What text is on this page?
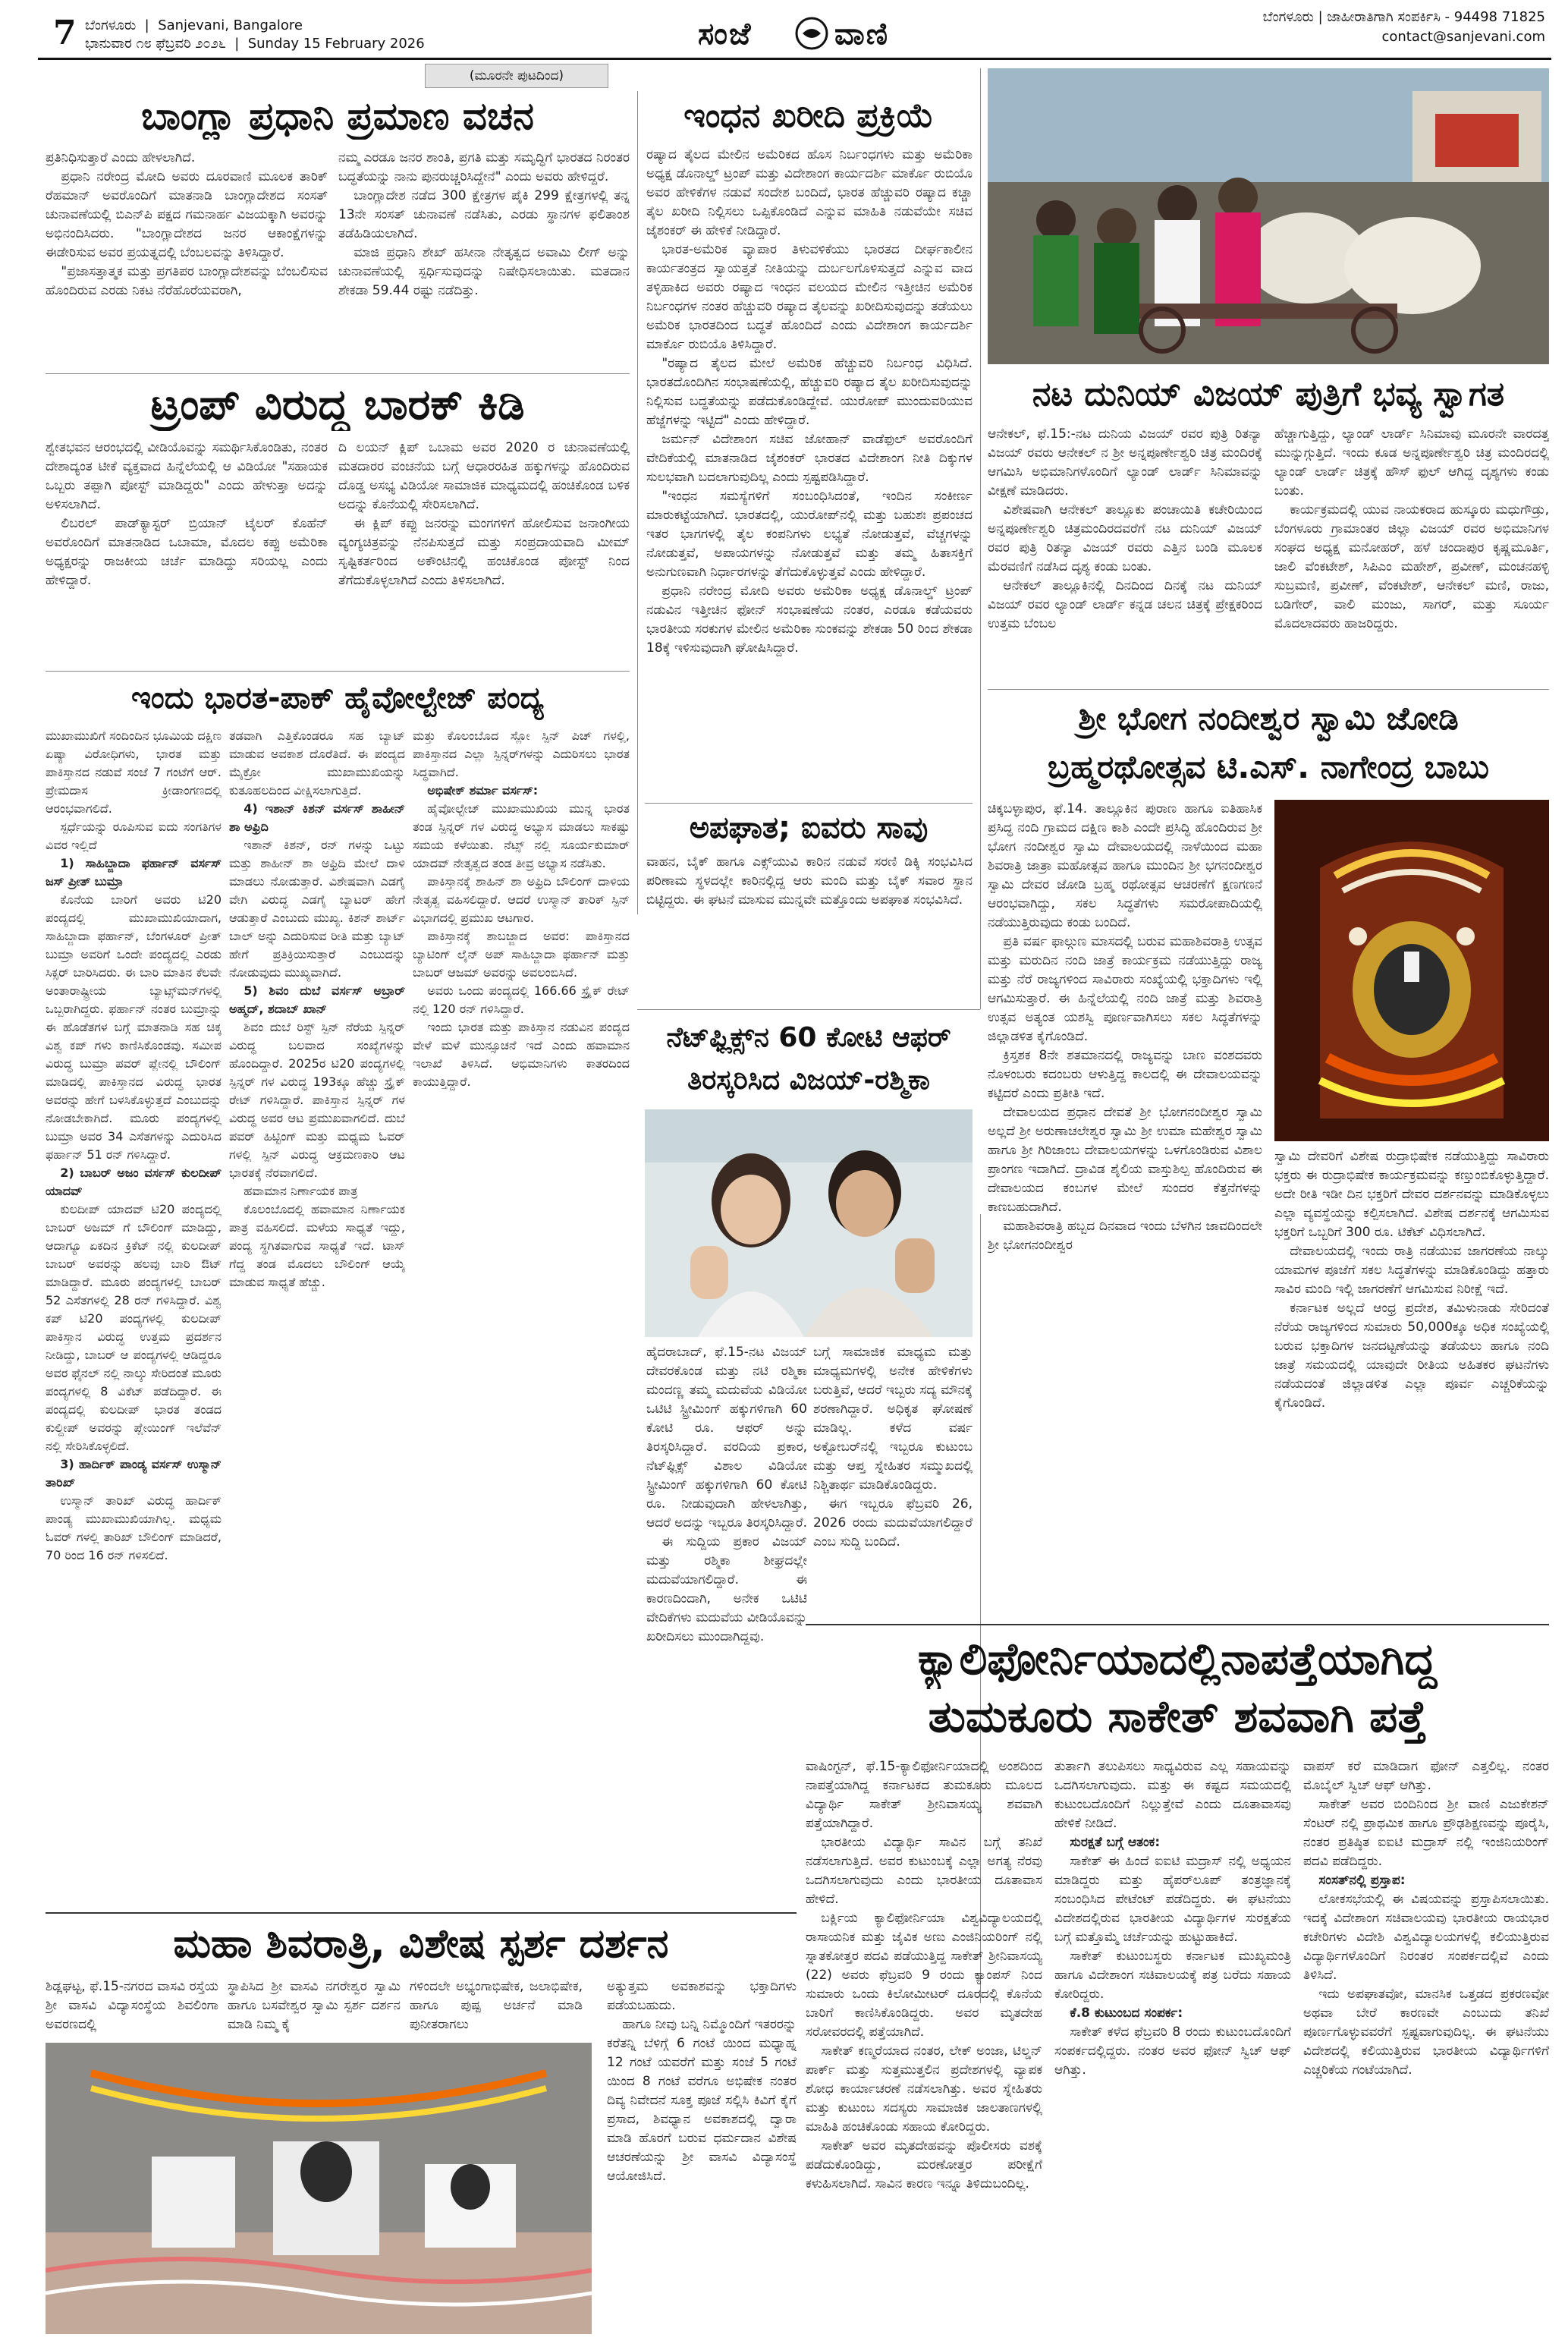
7 ಬೆಂಗಳೂರು  |  Sanjevani, Bangalore
ಭಾನುವಾರ ೧೮ ಫೆಬ್ರವರಿ ೨೦೨೬  |  Sunday 15 February 2026	ಸಂಜೆ	ವಾಣಿ	ಬೆಂಗಳೂರು | ಜಾಹೀರಾತಿಗಾಗಿ ಸಂಪರ್ಕಿಸಿ - 94498 71825
contact@sanjevani.com
(ಮೂರನೇ ಪುಟದಿಂದ)
ಬಾಂಗ್ಲಾ ಪ್ರಧಾನಿ ಪ್ರಮಾಣ ವಚನ
ಪ್ರತಿನಿಧಿಸುತ್ತಾರೆ ಎಂದು ಹೇಳಲಾಗಿದೆ.
ಪ್ರಧಾನಿ ನರೇಂದ್ರ ಮೋದಿ ಅವರು ದೂರವಾಣಿ ಮೂಲಕ ತಾರಿಕ್ ರೆಹಮಾನ್ ಅವರೊಂದಿಗೆ ಮಾತನಾಡಿ ಬಾಂಗ್ಲಾದೇಶದ ಸಂಸತ್ ಚುನಾವಣೆಯಲ್ಲಿ ಬಿಎನ್‌ಪಿ ಪಕ್ಷದ ಗಮನಾರ್ಹ ವಿಜಯಕ್ಕಾಗಿ ಅವರನ್ನು ಅಭಿನಂದಿಸಿದರು. "ಬಾಂಗ್ಲಾದೇಶದ ಜನರ ಆಕಾಂಕ್ಷೆಗಳನ್ನು ಈಡೇರಿಸುವ ಅವರ ಪ್ರಯತ್ನದಲ್ಲಿ ಬೆಂಬಲವನ್ನು ತಿಳಿಸಿದ್ದಾರೆ.
"ಪ್ರಜಾಸತ್ತಾತ್ಮಕ ಮತ್ತು ಪ್ರಗತಿಪರ ಬಾಂಗ್ಲಾದೇಶವನ್ನು ಬೆಂಬಲಿಸುವ ಹೊಂದಿರುವ ಎರಡು ನಿಕಟ ನೆರೆಹೊರೆಯವರಾಗಿ,
ನಮ್ಮ ಎರಡೂ ಜನರ ಶಾಂತಿ, ಪ್ರಗತಿ ಮತ್ತು ಸಮೃದ್ಧಿಗೆ ಭಾರತದ ನಿರಂತರ ಬದ್ಧತೆಯನ್ನು ನಾನು ಪುನರುಚ್ಚರಿಸಿದ್ದೇನೆ" ಎಂದು ಅವರು ಹೇಳಿದ್ದರೆ.
ಬಾಂಗ್ಲಾದೇಶ ನಡೆದ 300 ಕ್ಷೇತ್ರಗಳ ಪೈಕಿ 299 ಕ್ಷೇತ್ರಗಳಲ್ಲಿ ತನ್ನ 13ನೇ ಸಂಸತ್ ಚುನಾವಣೆ ನಡೆಸಿತು, ಎರಡು ಸ್ಥಾನಗಳ ಫಲಿತಾಂಶ ತಡೆಹಿಡಿಯಲಾಗಿದೆ.
ಮಾಜಿ ಪ್ರಧಾನಿ ಶೇಖ್ ಹಸೀನಾ ನೇತೃತ್ವದ ಅವಾಮಿ ಲೀಗ್ ಅನ್ನು ಚುನಾವಣೆಯಲ್ಲಿ ಸ್ಪರ್ಧಿಸುವುದನ್ನು ನಿಷೇಧಿಸಲಾಯಿತು. ಮತದಾನ ಶೇಕಡಾ 59.44 ರಷ್ಟು ನಡೆದಿತ್ತು.
ಟ್ರಂಪ್ ವಿರುದ್ಧ ಬಾರಕ್ ಕಿಡಿ
ಶ್ವೇತಭವನ ಆರಂಭದಲ್ಲಿ ವೀಡಿಯೊವನ್ನು ಸಮರ್ಥಿಸಿಕೊಂಡಿತು, ನಂತರ ದೇಶಾದ್ಯಂತ ಟೀಕೆ ವ್ಯಕ್ತವಾದ ಹಿನ್ನೆಲೆಯಲ್ಲಿ ಆ ವಿಡಿಯೋ "ಸಹಾಯಕ ಒಬ್ಬರು ತಪ್ಪಾಗಿ ಪೋಸ್ಟ್ ಮಾಡಿದ್ದರು" ಎಂದು ಹೇಳುತ್ತಾ ಅದನ್ನು ಅಳಿಸಲಾಗಿದೆ.
ಲಿಬರಲ್ ಪಾಡ್‌ಕ್ಯಾಸ್ಟರ್ ಬ್ರಿಯಾನ್ ಟೈಲರ್ ಕೊಹೆನ್ ಅವರೊಂದಿಗೆ ಮಾತನಾಡಿದ ಒಬಾಮಾ, ಮೊದಲ ಕಪ್ಪು ಅಮೆರಿಕಾ ಅಧ್ಯಕ್ಷರನ್ನು ರಾಜಕೀಯ ಚರ್ಚೆ ಮಾಡಿದ್ದು ಸರಿಯಲ್ಲ ಎಂದು ಹೇಳಿದ್ದಾರೆ.
ದಿ ಲಯನ್ ಕ್ಲಿಪ್ ಒಬಾಮ ಅವರ 2020 ರ ಚುನಾವಣೆಯಲ್ಲಿ ಮತದಾರರ ವಂಚನೆಯ ಬಗ್ಗೆ ಆಧಾರರಹಿತ ಹಕ್ಕುಗಳನ್ನು ಹೊಂದಿರುವ ದೊಡ್ಡ ಅಸಭ್ಯ ವಿಡಿಯೋ ಸಾಮಾಜಿಕ ಮಾಧ್ಯಮದಲ್ಲಿ ಹಂಚಿಕೊಂಡ ಬಳಿಕ ಅದನ್ನು ಕೊನೆಯಲ್ಲಿ ಸೇರಿಸಲಾಗಿದೆ.
ಈ ಕ್ಲಿಪ್ ಕಪ್ಪು ಜನರನ್ನು ಮಂಗಗಳಿಗೆ ಹೋಲಿಸುವ ಜನಾಂಗೀಯ ವ್ಯಂಗ್ಯಚಿತ್ರವನ್ನು ನೆನಪಿಸುತ್ತದೆ ಮತ್ತು ಸಂಪ್ರದಾಯವಾದಿ ಮೀಮ್ ಸೃಷ್ಟಿಕರ್ತರಿಂದ ಅಕೌಂಟಿನಲ್ಲಿ ಹಂಚಿಕೊಂಡ ಪೋಸ್ಟ್ ನಿಂದ ತೆಗೆದುಕೊಳ್ಳಲಾಗಿದೆ ಎಂದು ತಿಳಿಸಲಾಗಿದೆ.
ಇಂಧನ ಖರೀದಿ ಪ್ರಕ್ರಿಯೆ
ರಷ್ಯಾದ ತೈಲದ ಮೇಲಿನ ಅಮೆರಿಕದ ಹೊಸ ನಿರ್ಬಂಧಗಳು ಮತ್ತು ಅಮೆರಿಕಾ ಅಧ್ಯಕ್ಷ ಡೊನಾಲ್ಡ್ ಟ್ರಂಪ್ ಮತ್ತು ವಿದೇಶಾಂಗ ಕಾರ್ಯದರ್ಶಿ ಮಾರ್ಕೊ ರುಬಿಯೊ ಅವರ ಹೇಳಿಕೆಗಳ ನಡುವೆ ಸಂದೇಶ ಬಂದಿದೆ, ಭಾರತ ಹೆಚ್ಚುವರಿ ರಷ್ಯಾದ ಕಚ್ಚಾ ತೈಲ ಖರೀದಿ ನಿಲ್ಲಿಸಲು ಒಪ್ಪಿಕೊಂಡಿದೆ ಎನ್ನುವ ಮಾಹಿತಿ ನಡುವೆಯೇ ಸಚಿವ ಜೈಶಂಕರ್ ಈ ಹೇಳಿಕೆ ನೀಡಿದ್ದಾರೆ.
ಭಾರತ-ಅಮೆರಿಕ ವ್ಯಾಪಾರ ತಿಳುವಳಿಕೆಯು ಭಾರತದ ದೀರ್ಘಕಾಲೀನ ಕಾರ್ಯತಂತ್ರದ ಸ್ವಾಯತ್ತತೆ ನೀತಿಯನ್ನು ದುರ್ಬಲಗೊಳಿಸುತ್ತದೆ ಎನ್ನುವ ವಾದ ತಳ್ಳಿಹಾಕಿದ ಅವರು ರಷ್ಯಾದ ಇಂಧನ ವಲಯದ ಮೇಲಿನ ಇತ್ತೀಚಿನ ಅಮೆರಿಕ ನಿರ್ಬಂಧಗಳ ನಂತರ ಹೆಚ್ಚುವರಿ ರಷ್ಯಾದ ತೈಲವನ್ನು ಖರೀದಿಸುವುದನ್ನು ತಡೆಯಲು ಅಮೆರಿಕ ಭಾರತದಿಂದ ಬದ್ಧತೆ ಹೊಂದಿದೆ ಎಂದು ವಿದೇಶಾಂಗ ಕಾರ್ಯದರ್ಶಿ ಮಾರ್ಕೊ ರುಬಿಯೊ ತಿಳಿಸಿದ್ದಾರೆ.
"ರಷ್ಯಾದ ತೈಲದ ಮೇಲೆ ಅಮೆರಿಕ ಹೆಚ್ಚುವರಿ ನಿರ್ಬಂಧ ವಿಧಿಸಿದೆ. ಭಾರತದೊಂದಿಗಿನ ಸಂಭಾಷಣೆಯಲ್ಲಿ, ಹೆಚ್ಚುವರಿ ರಷ್ಯಾದ ತೈಲ ಖರೀದಿಸುವುದನ್ನು ನಿಲ್ಲಿಸುವ ಬದ್ಧತೆಯನ್ನು ಪಡೆದುಕೊಂಡಿದ್ದೇವೆ. ಯುರೋಪ್ ಮುಂದುವರಿಯುವ ಹೆಜ್ಜೆಗಳನ್ನು ಇಟ್ಟಿದೆ" ಎಂದು ಹೇಳಿದ್ದಾರೆ.
ಜರ್ಮನ್ ವಿದೇಶಾಂಗ ಸಚಿವ ಜೋಹಾನ್ ವಾಡೆಫುಲ್ ಅವರೊಂದಿಗೆ ವೇದಿಕೆಯಲ್ಲಿ ಮಾತನಾಡಿದ ಜೈಶಂಕರ್ ಭಾರತದ ವಿದೇಶಾಂಗ ನೀತಿ ದಿಕ್ಕುಗಳ ಸುಲಭವಾಗಿ ಬದಲಾಗುವುದಿಲ್ಲ ಎಂದು ಸ್ಪಷ್ಟಪಡಿಸಿದ್ದಾರೆ.
"ಇಂಧನ ಸಮಸ್ಯೆಗಳಿಗೆ ಸಂಬಂಧಿಸಿದಂತೆ, ಇಂದಿನ ಸಂಕೀರ್ಣ ಮಾರುಕಟ್ಟೆಯಾಗಿದೆ. ಭಾರತದಲ್ಲಿ, ಯುರೋಪ್‌ನಲ್ಲಿ ಮತ್ತು ಬಹುಶಃ ಪ್ರಪಂಚದ ಇತರ ಭಾಗಗಳಲ್ಲಿ ತೈಲ ಕಂಪನಿಗಳು ಲಭ್ಯತೆ ನೋಡುತ್ತವೆ, ವೆಚ್ಚಗಳನ್ನು ನೋಡುತ್ತವೆ, ಅಪಾಯಗಳನ್ನು ನೋಡುತ್ತವೆ ಮತ್ತು ತಮ್ಮ ಹಿತಾಸಕ್ತಿಗೆ ಅನುಗುಣವಾಗಿ ನಿರ್ಧಾರಗಳನ್ನು ತೆಗೆದುಕೊಳ್ಳುತ್ತವೆ ಎಂದು ಹೇಳಿದ್ದಾರೆ.
ಪ್ರಧಾನಿ ನರೇಂದ್ರ ಮೋದಿ ಅವರು ಅಮೆರಿಕಾ ಅಧ್ಯಕ್ಷ ಡೊನಾಲ್ಡ್ ಟ್ರಂಪ್ ನಡುವಿನ ಇತ್ತೀಚಿನ ಫೋನ್ ಸಂಭಾಷಣೆಯ ನಂತರ, ಎರಡೂ ಕಡೆಯವರು ಭಾರತೀಯ ಸರಕುಗಳ ಮೇಲಿನ ಅಮೆರಿಕಾ ಸುಂಕವನ್ನು ಶೇಕಡಾ 50 ರಿಂದ ಶೇಕಡಾ 18ಕ್ಕೆ ಇಳಿಸುವುದಾಗಿ ಘೋಷಿಸಿದ್ದಾರೆ.
ಅಪಘಾತ; ಐವರು ಸಾವು
ವಾಹನ, ಬೈಕ್ ಹಾಗೂ ಎಕ್ಸ್‌ಯುವಿ ಕಾರಿನ ನಡುವೆ ಸರಣಿ ಡಿಕ್ಕಿ ಸಂಭವಿಸಿದ ಪರಿಣಾಮ ಸ್ಥಳದಲ್ಲೇ ಕಾರಿನಲ್ಲಿದ್ದ ಆರು ಮಂದಿ ಮತ್ತು ಬೈಕ್ ಸವಾರ ಸ್ಥಾನ ಬಿಟ್ಟಿದ್ದರು. ಈ ಘಟನೆ ಮಾಸುವ ಮುನ್ನವೇ ಮತ್ತೊಂದು ಅಪಘಾತ ಸಂಭವಿಸಿದೆ.
ಇಂದು ಭಾರತ-ಪಾಕ್ ಹೈವೋಲ್ಟೇಜ್ ಪಂದ್ಯ
ಮುಖಾಮುಖಿಗೆ ಸಂದಿಂದಿನ ಭೂಮಿಯ ದಕ್ಷಿಣ ಏಷ್ಯಾ ವಿರೋಧಿಗಳು, ಭಾರತ ಮತ್ತು ಪಾಕಿಸ್ತಾನದ ನಡುವೆ ಸಂಜೆ 7 ಗಂಟೆಗೆ ಆರ್. ಪ್ರೇಮದಾಸ ಕ್ರೀಡಾಂಗಣದಲ್ಲಿ ಆರಂಭವಾಗಲಿದೆ.
ಸ್ಪರ್ಧೆಯನ್ನು ರೂಪಿಸುವ ಐದು ಸಂಗತಿಗಳ ವಿವರ ಇಲ್ಲಿದೆ
1) ಸಾಹಿಬ್ಜಾದಾ ಫರ್ಹಾನ್ ವರ್ಸಸ್ ಜಸ್ ಪ್ರೀತ್ ಬುಮ್ರಾ
ಕೊನೆಯ ಬಾರಿಗೆ ಅವರು ಟಿ20 ಪಂದ್ಯದಲ್ಲಿ ಮುಖಾಮುಖಿಯಾದಾಗ, ಸಾಹಿಬ್ಜಾದಾ ಫರ್ಹಾನ್, ಬೆಂಗಳೂರ್ ಪ್ರೀತ್ ಬುಮ್ರಾ ಅವರಿಗೆ ಒಂದೇ ಪಂದ್ಯದಲ್ಲಿ ಎರಡು ಸಿಕ್ಸರ್ ಬಾರಿಸಿದರು. ಈ ಬಾರಿ ಮಾತಿನ ಕೆಲವೇ ಅಂತಾರಾಷ್ಟ್ರೀಯ ಬ್ಯಾಟ್ಸ್‌ಮನ್‌ಗಳಲ್ಲಿ ಒಬ್ಬರಾಗಿದ್ದರು. ಫರ್ಹಾನ್ ನಂತರ ಬುಮ್ರಾನ್ನು ಈ ಹೊಡೆತಗಳ ಬಗ್ಗೆ ಮಾತನಾಡಿ ಸಹ ಚಿಕ್ಕ ವಿಶ್ವ ಕಪ್ ಗಳು ಕಾಣಿಸಿಕೊಂಡವು. ಸಮೀಪ ವಿರುದ್ಧ ಬುಮ್ರಾ ಪವರ್ ಪ್ಲೇನಲ್ಲಿ ಬೌಲಿಂಗ್ ಮಾಡಿದಲ್ಲಿ ಪಾಕಿಸ್ತಾನದ ವಿರುದ್ಧ ಭಾರತ ಅವರನ್ನು ಹೇಗೆ ಬಳಸಿಕೊಳ್ಳುತ್ತದೆ ಎಂಬುದನ್ನು ನೋಡಬೇಕಾಗಿದೆ. ಮೂರು ಪಂದ್ಯಗಳಲ್ಲಿ ಬುಮ್ರಾ ಅವರ 34 ಎಸೆತಗಳನ್ನು ಎದುರಿಸಿದ ಫರ್ಹಾನ್ 51 ರನ್ ಗಳಿಸಿದ್ದಾರೆ.
2) ಬಾಬರ್ ಅಜಂ ವರ್ಸಸ್ ಕುಲದೀಪ್ ಯಾದವ್
ಕುಲದೀಪ್ ಯಾದವ್ ಟಿ20 ಪಂದ್ಯದಲ್ಲಿ ಬಾಬರ್ ಅಜಮ್ ಗೆ ಬೌಲಿಂಗ್ ಮಾಡಿದ್ದು, ಆದಾಗ್ಯೂ ಏಕದಿನ ಕ್ರಿಕೆಟ್ ನಲ್ಲಿ ಕುಲದೀಪ್ ಬಾಬರ್ ಅವರನ್ನು ಹಲವು ಬಾರಿ ಔಟ್ ಮಾಡಿದ್ದಾರೆ. ಮೂರು ಪಂದ್ಯಗಳಲ್ಲಿ ಬಾಬರ್ 52 ಎಸೆತಗಳಲ್ಲಿ 28 ರನ್ ಗಳಿಸಿದ್ದಾರೆ. ವಿಶ್ವ ಕಪ್ ಟಿ20 ಪಂದ್ಯಗಳಲ್ಲಿ ಕುಲದೀಪ್ ಪಾಕಿಸ್ತಾನ ವಿರುದ್ಧ ಉತ್ತಮ ಪ್ರದರ್ಶನ ನೀಡಿದ್ದು, ಬಾಬರ್ ಆ ಪಂದ್ಯಗಳಲ್ಲಿ ಆಡಿದ್ದರೂ ಅವರ ಫೈನಲ್ ನಲ್ಲಿ ನಾಲ್ಕು ಸೇರಿದಂತೆ ಮೂರು ಪಂದ್ಯಗಳಲ್ಲಿ 8 ವಿಕೆಟ್ ಪಡೆದಿದ್ದಾರೆ. ಈ ಪಂದ್ಯದಲ್ಲಿ ಕುಲದೀಪ್ ಭಾರತ ತಂಡದ ಕುಲ್ದೀಪ್ ಅವರನ್ನು ಪ್ಲೇಯಿಂಗ್ ಇಲೆವೆನ್ ನಲ್ಲಿ ಸೇರಿಸಿಕೊಳ್ಳಲಿದೆ.
3) ಹಾರ್ದಿಕ್ ಪಾಂಡ್ಯ ವರ್ಸಸ್ ಉಸ್ಮಾನ್ ತಾರಿಖ್
ಉಸ್ಮಾನ್ ತಾರಿಖ್ ವಿರುದ್ಧ ಹಾರ್ದಿಕ್ ಪಾಂಡ್ಯ ಮುಖಾಮುಖಿಯಾಗಿಲ್ಲ. ಮಧ್ಯಮ ಓವರ್ ಗಳಲ್ಲಿ ತಾರಿಖ್ ಬೌಲಿಂಗ್ ಮಾಡಿದರೆ, 70 ರಿಂದ 16 ರನ್ ಗಳಿಸಲಿದೆ.
ತಡವಾಗಿ ಎತ್ತಿಕೊಂಡರೂ ಸಹ ಬ್ಯಾಟ್ ಮಾಡುವ ಅವಕಾಶ ದೊರೆತಿದೆ. ಈ ಪಂದ್ಯದ ಮೈಕ್ರೋ ಮುಖಾಮುಖಿಯನ್ನು ಕುತೂಹಲದಿಂದ ವೀಕ್ಷಿಸಲಾಗುತ್ತಿದೆ.
4) ಇಶಾನ್ ಕಿಶನ್ ವರ್ಸಸ್ ಶಾಹೀನ್ ಶಾ ಅಫ್ರಿದಿ
ಇಶಾನ್ ಕಿಶನ್, ರನ್ ಗಳನ್ನು ಒಟ್ಟು ಮತ್ತು ಶಾಹೀನ್ ಶಾ ಅಫ್ರಿದಿ ಮೇಲೆ ದಾಳಿ ಮಾಡಲು ನೋಡುತ್ತಾರೆ. ವಿಶೇಷವಾಗಿ ಎಡಗೈ ವೇಗಿ ವಿರುದ್ಧ ಎಡಗೈ ಬ್ಯಾಟರ್ ಹೇಗೆ ಆಡುತ್ತಾರೆ ಎಂಬುದು ಮುಖ್ಯ. ಕಿಶನ್ ಶಾರ್ಟ್ ಬಾಲ್ ಅನ್ನು ಎದುರಿಸುವ ರೀತಿ ಮತ್ತು ಬ್ಯಾಟ್ ಹೇಗೆ ಪ್ರತಿಕ್ರಿಯಿಸುತ್ತಾರೆ ಎಂಬುದನ್ನು ನೋಡುವುದು ಮುಖ್ಯವಾಗಿದೆ.
5) ಶಿವಂ ದುಬೆ ವರ್ಸಸ್ ಅಬ್ರಾರ್ ಅಹ್ಮದ್, ಶದಾಬ್ ಖಾನ್
ಶಿವಂ ದುಬೆ ರಿಸ್ಟ್ ಸ್ಪಿನ್ ನೆರೆಯ ಸ್ಪಿನ್ನರ್ ವಿರುದ್ಧ ಬಲವಾದ ಸಂಖ್ಯೆಗಳನ್ನು ಹೊಂದಿದ್ದಾರೆ. 2025ರ ಟಿ20 ಪಂದ್ಯಗಳಲ್ಲಿ ಸ್ಪಿನ್ನರ್ ಗಳ ವಿರುದ್ಧ 193ಕ್ಕೂ ಹೆಚ್ಚು ಸ್ಟ್ರೈಕ್ ರೇಟ್ ಗಳಿಸಿದ್ದಾರೆ. ಪಾಕಿಸ್ತಾನ ಸ್ಪಿನ್ನರ್ ಗಳ ವಿರುದ್ಧ ಅವರ ಆಟ ಪ್ರಮುಖವಾಗಲಿದೆ. ದುಬೆ ಪವರ್ ಹಿಟ್ಟಿಂಗ್ ಮತ್ತು ಮಧ್ಯಮ ಓವರ್ ಗಳಲ್ಲಿ ಸ್ಪಿನ್ ವಿರುದ್ಧ ಆಕ್ರಮಣಕಾರಿ ಆಟ ಭಾರತಕ್ಕೆ ನೆರವಾಗಲಿದೆ.
ಹವಾಮಾನ ನಿರ್ಣಾಯಕ ಪಾತ್ರ
ಕೊಲಂಬೊದಲ್ಲಿ ಹವಾಮಾನ ನಿರ್ಣಾಯಕ ಪಾತ್ರ ವಹಿಸಲಿದೆ. ಮಳೆಯ ಸಾಧ್ಯತೆ ಇದ್ದು, ಪಂದ್ಯ ಸ್ಥಗಿತವಾಗುವ ಸಾಧ್ಯತೆ ಇದೆ. ಟಾಸ್ ಗೆದ್ದ ತಂಡ ಮೊದಲು ಬೌಲಿಂಗ್ ಆಯ್ಕೆ ಮಾಡುವ ಸಾಧ್ಯತೆ ಹೆಚ್ಚು.
ಮತ್ತು ಕೊಲಂಬೊದ ಸ್ಲೋ ಸ್ಪಿನ್ ಪಿಚ್ ಗಳಲ್ಲಿ, ಪಾಕಿಸ್ತಾನದ ಎಲ್ಲಾ ಸ್ಪಿನ್ನರ್‌ಗಳನ್ನು ಎದುರಿಸಲು ಭಾರತ ಸಿದ್ಧವಾಗಿದೆ.
ಅಭಿಷೇಕ್ ಶರ್ಮಾ ವರ್ಸಸ್:
ಹೈವೋಲ್ಟೇಜ್ ಮುಖಾಮುಖಿಯ ಮುನ್ನ ಭಾರತ ತಂಡ ಸ್ಪಿನ್ನರ್ ಗಳ ವಿರುದ್ಧ ಅಭ್ಯಾಸ ಮಾಡಲು ಸಾಕಷ್ಟು ಸಮಯ ಕಳೆಯಿತು. ನೆಟ್ಸ್ ನಲ್ಲಿ ಸೂರ್ಯಕುಮಾರ್ ಯಾದವ್ ನೇತೃತ್ವದ ತಂಡ ತೀವ್ರ ಅಭ್ಯಾಸ ನಡೆಸಿತು.
ಪಾಕಿಸ್ತಾನಕ್ಕೆ ಶಾಹಿನ್ ಶಾ ಅಫ್ರಿದಿ ಬೌಲಿಂಗ್ ದಾಳಿಯ ನೇತೃತ್ವ ವಹಿಸಲಿದ್ದಾರೆ. ಆದರೆ ಉಸ್ಮಾನ್ ತಾರಿಕ್ ಸ್ಪಿನ್ ವಿಭಾಗದಲ್ಲಿ ಪ್ರಮುಖ ಆಟಗಾರ.
ಪಾಕಿಸ್ತಾನಕ್ಕೆ ಶಾಬಜ್ಜಾದ ಅವರ: ಪಾಕಿಸ್ತಾನದ ಬ್ಯಾಟಿಂಗ್ ಲೈನ್ ಅಪ್ ಸಾಹಿಬ್ಜಾದಾ ಫರ್ಹಾನ್ ಮತ್ತು ಬಾಬರ್ ಆಜಮ್ ಅವರನ್ನು ಅವಲಂಬಿಸಿದೆ.
ಅವರು ಒಂದು ಪಂದ್ಯದಲ್ಲಿ 166.66 ಸ್ಟ್ರೈಕ್ ರೇಟ್ ನಲ್ಲಿ 120 ರನ್ ಗಳಿಸಿದ್ದಾರೆ.
ಇಂದು ಭಾರತ ಮತ್ತು ಪಾಕಿಸ್ತಾನ ನಡುವಿನ ಪಂದ್ಯದ ವೇಳೆ ಮಳೆ ಮುನ್ಸೂಚನೆ ಇದೆ ಎಂದು ಹವಾಮಾನ ಇಲಾಖೆ ತಿಳಿಸಿದೆ. ಅಭಿಮಾನಿಗಳು ಕಾತರದಿಂದ ಕಾಯುತ್ತಿದ್ದಾರೆ.
ನೆಟ್‌ಫ್ಲಿಕ್ಸ್‌ನ 60 ಕೋಟಿ ಆಫರ್
ತಿರಸ್ಕರಿಸಿದ ವಿಜಯ್-ರಶ್ಮಿಕಾ
ಹೈದರಾಬಾದ್, ಫೆ.15-ನಟ ವಿಜಯ್ ದೇವರಕೊಂಡ ಮತ್ತು ನಟಿ ರಶ್ಮಿಕಾ ಮಂದಣ್ಣ ತಮ್ಮ ಮದುವೆಯ ವಿಡಿಯೋ ಒಟಿಟಿ ಸ್ಟ್ರೀಮಿಂಗ್ ಹಕ್ಕುಗಳಿಗಾಗಿ 60 ಕೋಟಿ ರೂ. ಆಫರ್ ಅನ್ನು ತಿರಸ್ಕರಿಸಿದ್ದಾರೆ. ವರದಿಯ ಪ್ರಕಾರ, ನೆಟ್‌ಫ್ಲಿಕ್ಸ್ ವಿಶಾಲ ವಿಡಿಯೋ ಸ್ಟ್ರೀಮಿಂಗ್ ಹಕ್ಕುಗಳಿಗಾಗಿ 60 ಕೋಟಿ ರೂ. ನೀಡುವುದಾಗಿ ಹೇಳಲಾಗಿತ್ತು, ಆದರೆ ಅದನ್ನು ಇಬ್ಬರೂ ತಿರಸ್ಕರಿಸಿದ್ದಾರೆ.
ಈ ಸುದ್ದಿಯ ಪ್ರಕಾರ ವಿಜಯ್ ಮತ್ತು ರಶ್ಮಿಕಾ ಶೀಘ್ರದಲ್ಲೇ ಮದುವೆಯಾಗಲಿದ್ದಾರೆ. ಈ ಕಾರಣದಿಂದಾಗಿ, ಅನೇಕ ಒಟಿಟಿ ವೇದಿಕೆಗಳು ಮದುವೆಯ ವೀಡಿಯೊವನ್ನು ಖರೀದಿಸಲು ಮುಂದಾಗಿದ್ದವು.
ಬಗ್ಗೆ ಸಾಮಾಜಿಕ ಮಾಧ್ಯಮ ಮತ್ತು ಮಾಧ್ಯಮಗಳಲ್ಲಿ ಅನೇಕ ಹೇಳಿಕೆಗಳು ಬರುತ್ತಿವೆ, ಆದರೆ ಇಬ್ಬರು ಸದ್ಯ ಮೌನಕ್ಕೆ ಶರಣಾಗಿದ್ದಾರೆ. ಅಧಿಕೃತ ಘೋಷಣೆ ಮಾಡಿಲ್ಲ. ಕಳೆದ ವರ್ಷ ಅಕ್ಟೋಬರ್‌ನಲ್ಲಿ ಇಬ್ಬರೂ ಕುಟುಂಬ ಮತ್ತು ಆಪ್ತ ಸ್ನೇಹಿತರ ಸಮ್ಮುಖದಲ್ಲಿ ನಿಶ್ಚಿತಾರ್ಥ ಮಾಡಿಕೊಂಡಿದ್ದರು.
ಈಗ ಇಬ್ಬರೂ ಫೆಬ್ರವರಿ 26, 2026 ರಂದು ಮದುವೆಯಾಗಲಿದ್ದಾರೆ ಎಂಬ ಸುದ್ದಿ ಬಂದಿದೆ.
ನಟ ದುನಿಯ್ ವಿಜಯ್ ಪುತ್ರಿಗೆ ಭವ್ಯ ಸ್ವಾಗತ
ಆನೇಕಲ್, ಫೆ.15:-ನಟ ದುನಿಯ ವಿಜಯ್ ರವರ ಪುತ್ರಿ ರಿತನ್ಯಾ ವಿಜಯ್ ರವರು ಆನೇಕಲ್ ನ ಶ್ರೀ ಅನ್ನಪೂರ್ಣೇಶ್ವರಿ ಚಿತ್ರ ಮಂದಿರಕ್ಕೆ ಆಗಮಿಸಿ ಅಭಿಮಾನಿಗಳೊಂದಿಗೆ ಲ್ಯಾಂಡ್ ಲಾರ್ಡ್ ಸಿನಿಮಾವನ್ನು ವೀಕ್ಷಣೆ ಮಾಡಿದರು.
ವಿಶೇಷವಾಗಿ ಆನೇಕಲ್ ತಾಲ್ಲೂಕು ಪಂಚಾಯಿತಿ ಕಚೇರಿಯಿಂದ ಅನ್ನಪೂರ್ಣೇಶ್ವರಿ ಚಿತ್ರಮಂದಿರದವರೆಗೆ ನಟ ದುನಿಯ್ ವಿಜಯ್ ರವರ ಪುತ್ರಿ ರಿತನ್ಯಾ ವಿಜಯ್ ರವರು ಎತ್ತಿನ ಬಂಡಿ ಮೂಲಕ ಮೆರವಣಿಗೆ ನಡೆಸಿದ ದೃಶ್ಯ ಕಂಡು ಬಂತು.
ಆನೇಕಲ್ ತಾಲ್ಲೂಕಿನಲ್ಲಿ ದಿನದಿಂದ ದಿನಕ್ಕೆ ನಟ ದುನಿಯ್ ವಿಜಯ್ ರವರ ಲ್ಯಾಂಡ್ ಲಾರ್ಡ್ ಕನ್ನಡ ಚಲನ ಚಿತ್ರಕ್ಕೆ ಪ್ರೇಕ್ಷಕರಿಂದ ಉತ್ತಮ ಬೆಂಬಲ
ಹೆಚ್ಚಾಗುತ್ತಿದ್ದು, ಲ್ಯಾಂಡ್ ಲಾರ್ಡ್ ಸಿನಿಮಾವು ಮೂರನೇ ವಾರದತ್ತ ಮುನ್ನುಗ್ಗುತ್ತಿದೆ. ಇಂದು ಕೂಡ ಅನ್ನಪೂರ್ಣೇಶ್ವರಿ ಚಿತ್ರ ಮಂದಿರದಲ್ಲಿ ಲ್ಯಾಂಡ್ ಲಾರ್ಡ್ ಚಿತ್ರಕ್ಕೆ ಹೌಸ್ ಫುಲ್ ಆಗಿದ್ದ ದೃಶ್ಯಗಳು ಕಂಡು ಬಂತು.
ಕಾರ್ಯಕ್ರಮದಲ್ಲಿ ಯುವ ನಾಯಕರಾದ ಹುಸ್ಕೂರು ಮಧುಗೌಡ್ರು, ಬೆಂಗಳೂರು ಗ್ರಾಮಾಂತರ ಜಿಲ್ಲಾ ವಿಜಯ್ ರವರ ಅಭಿಮಾನಿಗಳ ಸಂಘದ ಅಧ್ಯಕ್ಷ ಮನೋಹರ್, ಹಳೆ ಚಂದಾಪುರ ಕೃಷ್ಣಮೂರ್ತಿ, ಜಾಲಿ ವೆಂಕಟೇಶ್, ಸಿಪಿಎಂ ಮಹೇಶ್, ಪ್ರವೀಣ್, ಮಂಚನಹಳ್ಳಿ ಸುಬ್ರಮಣಿ, ಪ್ರವೀಣ್, ವೆಂಕಟೇಶ್, ಆನೇಕಲ್ ಮಣಿ, ರಾಜು, ಬಡಿಗೇರ್, ವಾಲಿ ಮಂಜು, ಸಾಗರ್, ಮತ್ತು ಸೂರ್ಯ ಮೊದಲಾದವರು ಹಾಜರಿದ್ದರು.
ಶ್ರೀ ಭೋಗ ನಂದೀಶ್ವರ ಸ್ವಾಮಿ ಜೋಡಿ
ಬ್ರಹ್ಮರಥೋತ್ಸವ ಟಿ.ಎಸ್. ನಾಗೇಂದ್ರ ಬಾಬು
ಚಿಕ್ಕಬಳ್ಳಾಪುರ, ಫೆ.14. ತಾಲ್ಲೂಕಿನ ಪುರಾಣ ಹಾಗೂ ಐತಿಹಾಸಿಕ ಪ್ರಸಿದ್ಧ ನಂದಿ ಗ್ರಾಮದ ದಕ್ಷಿಣ ಕಾಶಿ ಎಂದೇ ಪ್ರಸಿದ್ಧಿ ಹೊಂದಿರುವ ಶ್ರೀ ಭೋಗ ನಂದೀಶ್ವರ ಸ್ವಾಮಿ ದೇವಾಲಯದಲ್ಲಿ ನಾಳೆಯಿಂದ ಮಹಾ ಶಿವರಾತ್ರಿ ಜಾತ್ರಾ ಮಹೋತ್ಸವ ಹಾಗೂ ಮುಂದಿನ ಶ್ರೀ ಭಗನಂದೀಶ್ವರ ಸ್ವಾಮಿ ದೇವರ ಜೋಡಿ ಬ್ರಹ್ಮ ರಥೋತ್ಸವ ಆಚರಣೆಗೆ ಕ್ಷಣಗಣನೆ ಆರಂಭವಾಗಿದ್ದು, ಸಕಲ ಸಿದ್ಧತೆಗಳು ಸಮರೋಪಾದಿಯಲ್ಲಿ ನಡೆಯುತ್ತಿರುವುದು ಕಂಡು ಬಂದಿದೆ.
ಪ್ರತಿ ವರ್ಷ ಫಾಲ್ಗುಣ ಮಾಸದಲ್ಲಿ ಬರುವ ಮಹಾಶಿವರಾತ್ರಿ ಉತ್ಸವ ಮತ್ತು ಮರುದಿನ ನಂದಿ ಜಾತ್ರೆ ಕಾರ್ಯಕ್ರಮ ನಡೆಯುತ್ತಿದ್ದು ರಾಜ್ಯ ಮತ್ತು ನೆರೆ ರಾಜ್ಯಗಳಿಂದ ಸಾವಿರಾರು ಸಂಖ್ಯೆಯಲ್ಲಿ ಭಕ್ತಾದಿಗಳು ಇಲ್ಲಿ ಆಗಮಿಸುತ್ತಾರೆ. ಈ ಹಿನ್ನೆಲೆಯಲ್ಲಿ ನಂದಿ ಜಾತ್ರೆ ಮತ್ತು ಶಿವರಾತ್ರಿ ಉತ್ಸವ ಅತ್ಯಂತ ಯಶಸ್ವಿ ಪೂರ್ಣವಾಗಿಸಲು ಸಕಲ ಸಿದ್ಧತೆಗಳನ್ನು ಜಿಲ್ಲಾಡಳಿತ ಕೈಗೊಂಡಿದೆ.
ಕ್ರಿಸ್ತಶಕ 8ನೇ ಶತಮಾನದಲ್ಲಿ ರಾಜ್ಯವನ್ನು ಬಾಣ ವಂಶದವರು ನೊಳಂಬರು ಕದಂಬರು ಆಳುತ್ತಿದ್ದ ಕಾಲದಲ್ಲಿ ಈ ದೇವಾಲಯವನ್ನು ಕಟ್ಟಿದರೆ ಎಂದು ಪ್ರತೀತಿ ಇದೆ.
ದೇವಾಲಯದ ಪ್ರಧಾನ ದೇವತೆ ಶ್ರೀ ಭೋಗನಂದೀಶ್ವರ ಸ್ವಾಮಿ ಅಲ್ಲದೆ ಶ್ರೀ ಅರುಣಾಚಲೇಶ್ವರ ಸ್ವಾಮಿ ಶ್ರೀ ಉಮಾ ಮಹೇಶ್ವರ ಸ್ವಾಮಿ ಹಾಗೂ ಶ್ರೀ ಗಿರಿಜಾಂಬ ದೇವಾಲಯಗಳನ್ನು ಒಳಗೊಂಡಿರುವ ವಿಶಾಲ ಪ್ರಾಂಗಣ ಇದಾಗಿದೆ. ದ್ರಾವಿಡ ಶೈಲಿಯ ವಾಸ್ತುಶಿಲ್ಪ ಹೊಂದಿರುವ ಈ ದೇವಾಲಯದ ಕಂಬಗಳ ಮೇಲೆ ಸುಂದರ ಕೆತ್ತನೆಗಳನ್ನು ಕಾಣಬಹುದಾಗಿದೆ.
ಮಹಾಶಿವರಾತ್ರಿ ಹಬ್ಬದ ದಿನವಾದ ಇಂದು ಬೆಳಗಿನ ಜಾವದಿಂದಲೇ ಶ್ರೀ ಭೋಗನಂದೀಶ್ವರ
ಸ್ವಾಮಿ ದೇವರಿಗೆ ವಿಶೇಷ ರುದ್ರಾಭಿಷೇಕ ನಡೆಯುತ್ತಿದ್ದು ಸಾವಿರಾರು ಭಕ್ತರು ಈ ರುದ್ರಾಭಿಷೇಕ ಕಾರ್ಯಕ್ರಮವನ್ನು ಕಣ್ತುಂಬಿಕೊಳ್ಳುತ್ತಿದ್ದಾರೆ. ಅದೇ ರೀತಿ ಇಡೀ ದಿನ ಭಕ್ತರಿಗೆ ದೇವರ ದರ್ಶನವನ್ನು ಮಾಡಿಕೊಳ್ಳಲು ಎಲ್ಲಾ ವ್ಯವಸ್ಥೆಯನ್ನು ಕಲ್ಪಿಸಲಾಗಿದೆ. ವಿಶೇಷ ದರ್ಶನಕ್ಕೆ ಆಗಮಿಸುವ ಭಕ್ತರಿಗೆ ಒಬ್ಬರಿಗೆ 300 ರೂ. ಟಿಕೆಟ್ ವಿಧಿಸಲಾಗಿದೆ.
ದೇವಾಲಯದಲ್ಲಿ ಇಂದು ರಾತ್ರಿ ನಡೆಯುವ ಜಾಗರಣೆಯ ನಾಲ್ಕು ಯಾಮಗಳ ಪೂಜೆಗೆ ಸಕಲ ಸಿದ್ಧತೆಗಳನ್ನು ಮಾಡಿಕೊಂಡಿದ್ದು ಹತ್ತಾರು ಸಾವಿರ ಮಂದಿ ಇಲ್ಲಿ ಜಾಗರಣೆಗೆ ಆಗಮಿಸುವ ನಿರೀಕ್ಷೆ ಇದೆ.
ಕರ್ನಾಟಕ ಅಲ್ಲದೆ ಆಂಧ್ರ ಪ್ರದೇಶ, ತಮಿಳುನಾಡು ಸೇರಿದಂತೆ ನೆರೆಯ ರಾಜ್ಯಗಳಿಂದ ಸುಮಾರು 50,000ಕ್ಕೂ ಅಧಿಕ ಸಂಖ್ಯೆಯಲ್ಲಿ ಬರುವ ಭಕ್ತಾದಿಗಳ ಜನದಟ್ಟಣೆಯನ್ನು ತಡೆಯಲು ಹಾಗೂ ನಂದಿ ಜಾತ್ರೆ ಸಮಯದಲ್ಲಿ ಯಾವುದೇ ರೀತಿಯ ಅಹಿತಕರ ಘಟನೆಗಳು ನಡೆಯದಂತೆ ಜಿಲ್ಲಾಡಳಿತ ಎಲ್ಲಾ ಪೂರ್ವ ಎಚ್ಚರಿಕೆಯನ್ನು ಕೈಗೊಂಡಿದೆ.
ಕ್ಯಾಲಿಫೋರ್ನಿಯಾದಲ್ಲಿನಾಪತ್ತೆಯಾಗಿದ್ದ
ತುಮಕೂರು ಸಾಕೇತ್ ಶವವಾಗಿ ಪತ್ತೆ
ವಾಷಿಂಗ್ಟನ್, ಫೆ.15-ಕ್ಯಾಲಿಫೋರ್ನಿಯಾದಲ್ಲಿ ಅಂಶದಿಂದ ನಾಪತ್ತೆಯಾಗಿದ್ದ ಕರ್ನಾಟಕದ ತುಮಕೂರು ಮೂಲದ ವಿದ್ಯಾರ್ಥಿ ಸಾಕೇತ್ ಶ್ರೀನಿವಾಸಯ್ಯ ಶವವಾಗಿ ಪತ್ತೆಯಾಗಿದ್ದಾರೆ.
ಭಾರತೀಯ ವಿದ್ಯಾರ್ಥಿ ಸಾವಿನ ಬಗ್ಗೆ ತನಿಖೆ ನಡೆಸಲಾಗುತ್ತಿದೆ. ಅವರ ಕುಟುಂಬಕ್ಕೆ ಎಲ್ಲಾ ಅಗತ್ಯ ನೆರವು ಒದಗಿಸಲಾಗುವುದು ಎಂದು ಭಾರತೀಯ ದೂತಾವಾಸ ಹೇಳಿದೆ.
ಬರ್ಕ್ಲಿಯ ಕ್ಯಾಲಿಫೋರ್ನಿಯಾ ವಿಶ್ವವಿದ್ಯಾಲಯದಲ್ಲಿ ರಾಸಾಯನಿಕ ಮತ್ತು ಜೈವಿಕ ಅಣು ಎಂಜಿನಿಯರಿಂಗ್ ನಲ್ಲಿ ಸ್ನಾತಕೋತ್ತರ ಪದವಿ ಪಡೆಯುತ್ತಿದ್ದ ಸಾಕೇತ್ ಶ್ರೀನಿವಾಸಯ್ಯ (22) ಅವರು ಫೆಬ್ರವರಿ 9 ರಂದು ಕ್ಯಾಂಪಸ್ ನಿಂದ ಸುಮಾರು ಒಂದು ಕಿಲೋಮೀಟರ್ ದೂರದಲ್ಲಿ ಕೊನೆಯ ಬಾರಿಗೆ ಕಾಣಿಸಿಕೊಂಡಿದ್ದರು. ಅವರ ಮೃತದೇಹ ಸರೋವರದಲ್ಲಿ ಪತ್ತೆಯಾಗಿದೆ.
ಸಾಕೇತ್ ಕಣ್ಮರೆಯಾದ ನಂತರ, ಲೇಕ್ ಅಂಜಾ, ಟಿಲ್ಡನ್ ಪಾರ್ಕ್ ಮತ್ತು ಸುತ್ತಮುತ್ತಲಿನ ಪ್ರದೇಶಗಳಲ್ಲಿ ವ್ಯಾಪಕ ಶೋಧ ಕಾರ್ಯಾಚರಣೆ ನಡೆಸಲಾಗಿತ್ತು. ಅವರ ಸ್ನೇಹಿತರು ಮತ್ತು ಕುಟುಂಬ ಸದಸ್ಯರು ಸಾಮಾಜಿಕ ಜಾಲತಾಣಗಳಲ್ಲಿ ಮಾಹಿತಿ ಹಂಚಿಕೊಂಡು ಸಹಾಯ ಕೋರಿದ್ದರು.
ಸಾಕೇತ್ ಅವರ ಮೃತದೇಹವನ್ನು ಪೊಲೀಸರು ವಶಕ್ಕೆ ಪಡೆದುಕೊಂಡಿದ್ದು, ಮರಣೋತ್ತರ ಪರೀಕ್ಷೆಗೆ ಕಳುಹಿಸಲಾಗಿದೆ. ಸಾವಿನ ಕಾರಣ ಇನ್ನೂ ತಿಳಿದುಬಂದಿಲ್ಲ.
ತುರ್ತಾಗಿ ತಲುಪಿಸಲು ಸಾಧ್ಯವಿರುವ ಎಲ್ಲ ಸಹಾಯವನ್ನು ಒದಗಿಸಲಾಗುವುದು. ಮತ್ತು ಈ ಕಷ್ಟದ ಸಮಯದಲ್ಲಿ ಕುಟುಂಬದೊಂದಿಗೆ ನಿಲ್ಲುತ್ತೇವೆ ಎಂದು ದೂತಾವಾಸವು ಹೇಳಿಕೆ ನೀಡಿದೆ.
ಸುರಕ್ಷತೆ ಬಗ್ಗೆ ಆತಂಕ:
ಸಾಕೇತ್ ಈ ಹಿಂದೆ ಐಐಟಿ ಮದ್ರಾಸ್ ನಲ್ಲಿ ಅಧ್ಯಯನ ಮಾಡಿದ್ದರು ಮತ್ತು ಹೈಪರ್‌ಲೂಪ್ ತಂತ್ರಜ್ಞಾನಕ್ಕೆ ಸಂಬಂಧಿಸಿದ ಪೇಟೆಂಟ್ ಪಡೆದಿದ್ದರು. ಈ ಘಟನೆಯು ವಿದೇಶದಲ್ಲಿರುವ ಭಾರತೀಯ ವಿದ್ಯಾರ್ಥಿಗಳ ಸುರಕ್ಷತೆಯ ಬಗ್ಗೆ ಮತ್ತೊಮ್ಮೆ ಚರ್ಚೆಯನ್ನು ಹುಟ್ಟುಹಾಕಿದೆ.
ಸಾಕೇತ್ ಕುಟುಂಬಸ್ಥರು ಕರ್ನಾಟಕ ಮುಖ್ಯಮಂತ್ರಿ ಹಾಗೂ ವಿದೇಶಾಂಗ ಸಚಿವಾಲಯಕ್ಕೆ ಪತ್ರ ಬರೆದು ಸಹಾಯ ಕೋರಿದ್ದರು.
ಕೆ.8 ಕುಟುಂಬದ ಸಂಪರ್ಕ:
ಸಾಕೇತ್ ಕಳೆದ ಫೆಬ್ರವರಿ 8 ರಂದು ಕುಟುಂಬದೊಂದಿಗೆ ಸಂಪರ್ಕದಲ್ಲಿದ್ದರು. ನಂತರ ಅವರ ಫೋನ್ ಸ್ವಿಚ್ ಆಫ್ ಆಗಿತ್ತು.
ವಾಪಸ್ ಕರೆ ಮಾಡಿದಾಗ ಫೋನ್ ಎತ್ತಲಿಲ್ಲ. ನಂತರ ಮೊಬೈಲ್ ಸ್ವಿಚ್ ಆಫ್ ಆಗಿತ್ತು.
ಸಾಕೇತ್ ಅವರ ಬಿಂದಿನಿಂದ ಶ್ರೀ ವಾಣಿ ಎಜುಕೇಶನ್ ಸೆಂಟರ್ ನಲ್ಲಿ ಪ್ರಾಥಮಿಕ ಹಾಗೂ ಪ್ರೌಢಶಿಕ್ಷಣವನ್ನು ಪೂರೈಸಿ, ನಂತರ ಪ್ರತಿಷ್ಠಿತ ಐಐಟಿ ಮದ್ರಾಸ್ ನಲ್ಲಿ ಇಂಜಿನಿಯರಿಂಗ್ ಪದವಿ ಪಡೆದಿದ್ದರು.
ಸಂಸತ್‌ನಲ್ಲಿ ಪ್ರಸ್ತಾಪ:
ಲೋಕಸಭೆಯಲ್ಲಿ ಈ ವಿಷಯವನ್ನು ಪ್ರಸ್ತಾಪಿಸಲಾಯಿತು. ಇದಕ್ಕೆ ವಿದೇಶಾಂಗ ಸಚಿವಾಲಯವು ಭಾರತೀಯ ರಾಯಭಾರ ಕಚೇರಿಗಳು ವಿದೇಶಿ ವಿಶ್ವವಿದ್ಯಾಲಯಗಳಲ್ಲಿ ಕಲಿಯುತ್ತಿರುವ ವಿದ್ಯಾರ್ಥಿಗಳೊಂದಿಗೆ ನಿರಂತರ ಸಂಪರ್ಕದಲ್ಲಿವೆ ಎಂದು ತಿಳಿಸಿದೆ.
ಇದು ಅಪಘಾತವೋ, ಮಾನಸಿಕ ಒತ್ತಡದ ಪ್ರಕರಣವೋ ಅಥವಾ ಬೇರೆ ಕಾರಣವೇ ಎಂಬುದು ತನಿಖೆ ಪೂರ್ಣಗೊಳ್ಳುವವರೆಗೆ ಸ್ಪಷ್ಟವಾಗುವುದಿಲ್ಲ. ಈ ಘಟನೆಯು ವಿದೇಶದಲ್ಲಿ ಕಲಿಯುತ್ತಿರುವ ಭಾರತೀಯ ವಿದ್ಯಾರ್ಥಿಗಳಿಗೆ ಎಚ್ಚರಿಕೆಯ ಗಂಟೆಯಾಗಿದೆ.
ಮಹಾ ಶಿವರಾತ್ರಿ, ವಿಶೇಷ ಸ್ಪರ್ಶ ದರ್ಶನ
ಶಿಡ್ಲಘಟ್ಟ, ಫೆ.15-ನಗರದ ವಾಸವಿ ರಸ್ತೆಯ ಶ್ರೀ ವಾಸವಿ ವಿದ್ಯಾಸಂಸ್ಥೆಯ ಶಿವಲಿಂಗಾ ಅವರಣದಲ್ಲಿ
ಸ್ಥಾಪಿಸಿದ ಶ್ರೀ ವಾಸವಿ ನಗರೇಶ್ವರ ಸ್ವಾಮಿ ಹಾಗೂ ಬಸವೇಶ್ವರ ಸ್ವಾಮಿ ಸ್ಪರ್ಶ ದರ್ಶನ ಮಾಡಿ ನಿಮ್ಮ ಕೈ
ಗಳಿಂದಲೇ ಅಭ್ಯಂಗಾಭಿಷೇಕ, ಜಲಾಭಿಷೇಕ, ಹಾಗೂ ಪುಷ್ಪ ಅರ್ಚನೆ ಮಾಡಿ ಪುನೀತರಾಗಲು
ಅತ್ಯುತ್ತಮ ಅವಕಾಶವನ್ನು ಭಕ್ತಾದಿಗಳು ಪಡೆಯಬಹುದು.
ಹಾಗೂ ನೀವು ಬನ್ನಿ ನಿಮ್ಮೊಂದಿಗೆ ಇತರರನ್ನು ಕರೆತನ್ನಿ ಬೆಳಿಗ್ಗೆ 6 ಗಂಟೆ ಯಿಂದ ಮಧ್ಯಾಹ್ನ 12 ಗಂಟೆ ಯವರೆಗೆ ಮತ್ತು ಸಂಜೆ 5 ಗಂಟೆ ಯಿಂದ 8 ಗಂಟೆ ವರೆಗೂ ಅಭಿಷೇಕ ನಂತರ ದಿವ್ಯ ನಿವೇದನೆ ಸೂಕ್ತ ಪೂಜೆ ಸಲ್ಲಿಸಿ ಕಿವಿಗೆ ಕೈಗೆ ಪ್ರಸಾದ, ಶಿವಧ್ಯಾನ ಅವಕಾಶದಲ್ಲಿ ದ್ವಾರಾ ಮಾಡಿ ಹೊರಗೆ ಬರುವ ಧರ್ಮದಾನ ವಿಶೇಷ ಆಚರಣೆಯನ್ನು ಶ್ರೀ ವಾಸವಿ ವಿದ್ಯಾಸಂಸ್ಥೆ ಆಯೋಜಿಸಿದೆ.
